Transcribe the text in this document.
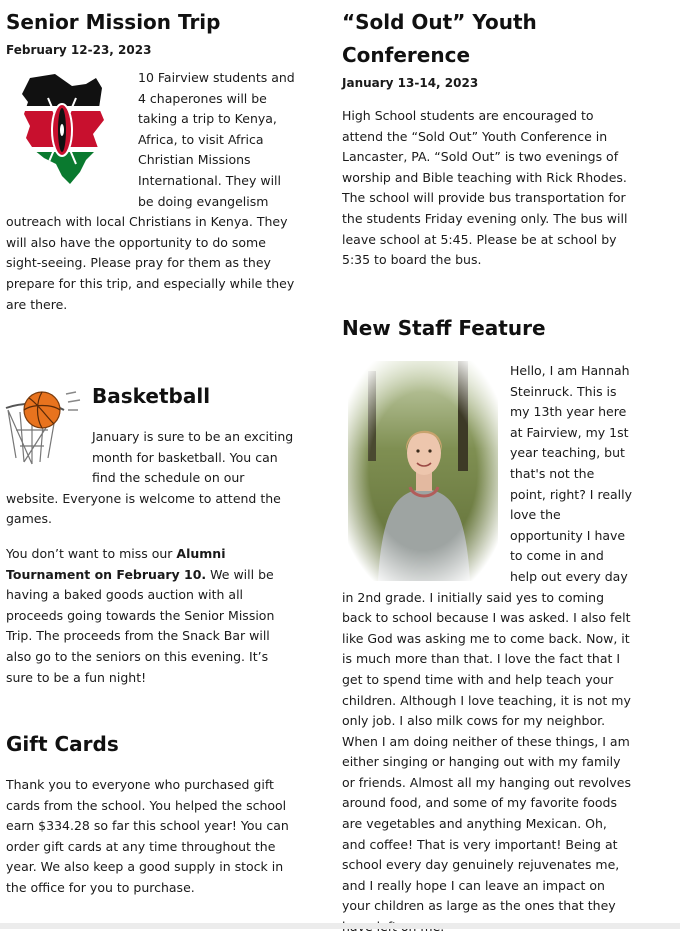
Senior Mission Trip
February 12-23, 2023

10 Fairview students and 4 chaperones will be taking a trip to Kenya, Africa, to visit Africa Christian Missions International. They will be doing evangelism outreach with local Christians in Kenya. They will also have the opportunity to do some sight-seeing. Please pray for them as they prepare for this trip, and especially while they are there.

Basketball

January is sure to be an exciting month for basketball. You can find the schedule on our website. Everyone is welcome to attend the games.

You don’t want to miss our Alumni Tournament on February 10. We will be having a baked goods auction with all proceeds going towards the Senior Mission Trip. The proceeds from the Snack Bar will also go to the seniors on this evening. It’s sure to be a fun night!

Gift Cards

Thank you to everyone who purchased gift cards from the school. You helped the school earn $334.28 so far this school year! You can order gift cards at any time throughout the year. We also keep a good supply in stock in the office for you to purchase.

“Sold Out” Youth Conference
January 13-14, 2023

High School students are encouraged to attend the “Sold Out” Youth Conference in Lancaster, PA. “Sold Out” is two evenings of worship and Bible teaching with Rick Rhodes. The school will provide bus transportation for the students Friday evening only. The bus will leave school at 5:45. Please be at school by 5:35 to board the bus.

New Staff Feature

Hello, I am Hannah Steinruck. This is my 13th year here at Fairview, my 1st year teaching, but that's not the point, right? I really love the opportunity I have to come in and help out every day in 2nd grade. I initially said yes to coming back to school because I was asked. I also felt like God was asking me to come back. Now, it is much more than that. I love the fact that I get to spend time with and help teach your children. Although I love teaching, it is not my only job. I also milk cows for my neighbor. When I am doing neither of these things, I am either singing or hanging out with my family or friends. Almost all my hanging out revolves around food, and some of my favorite foods are vegetables and anything Mexican. Oh, and coffee! That is very important! Being at school every day genuinely rejuvenates me, and I really hope I can leave an impact on your children as large as the ones that they
